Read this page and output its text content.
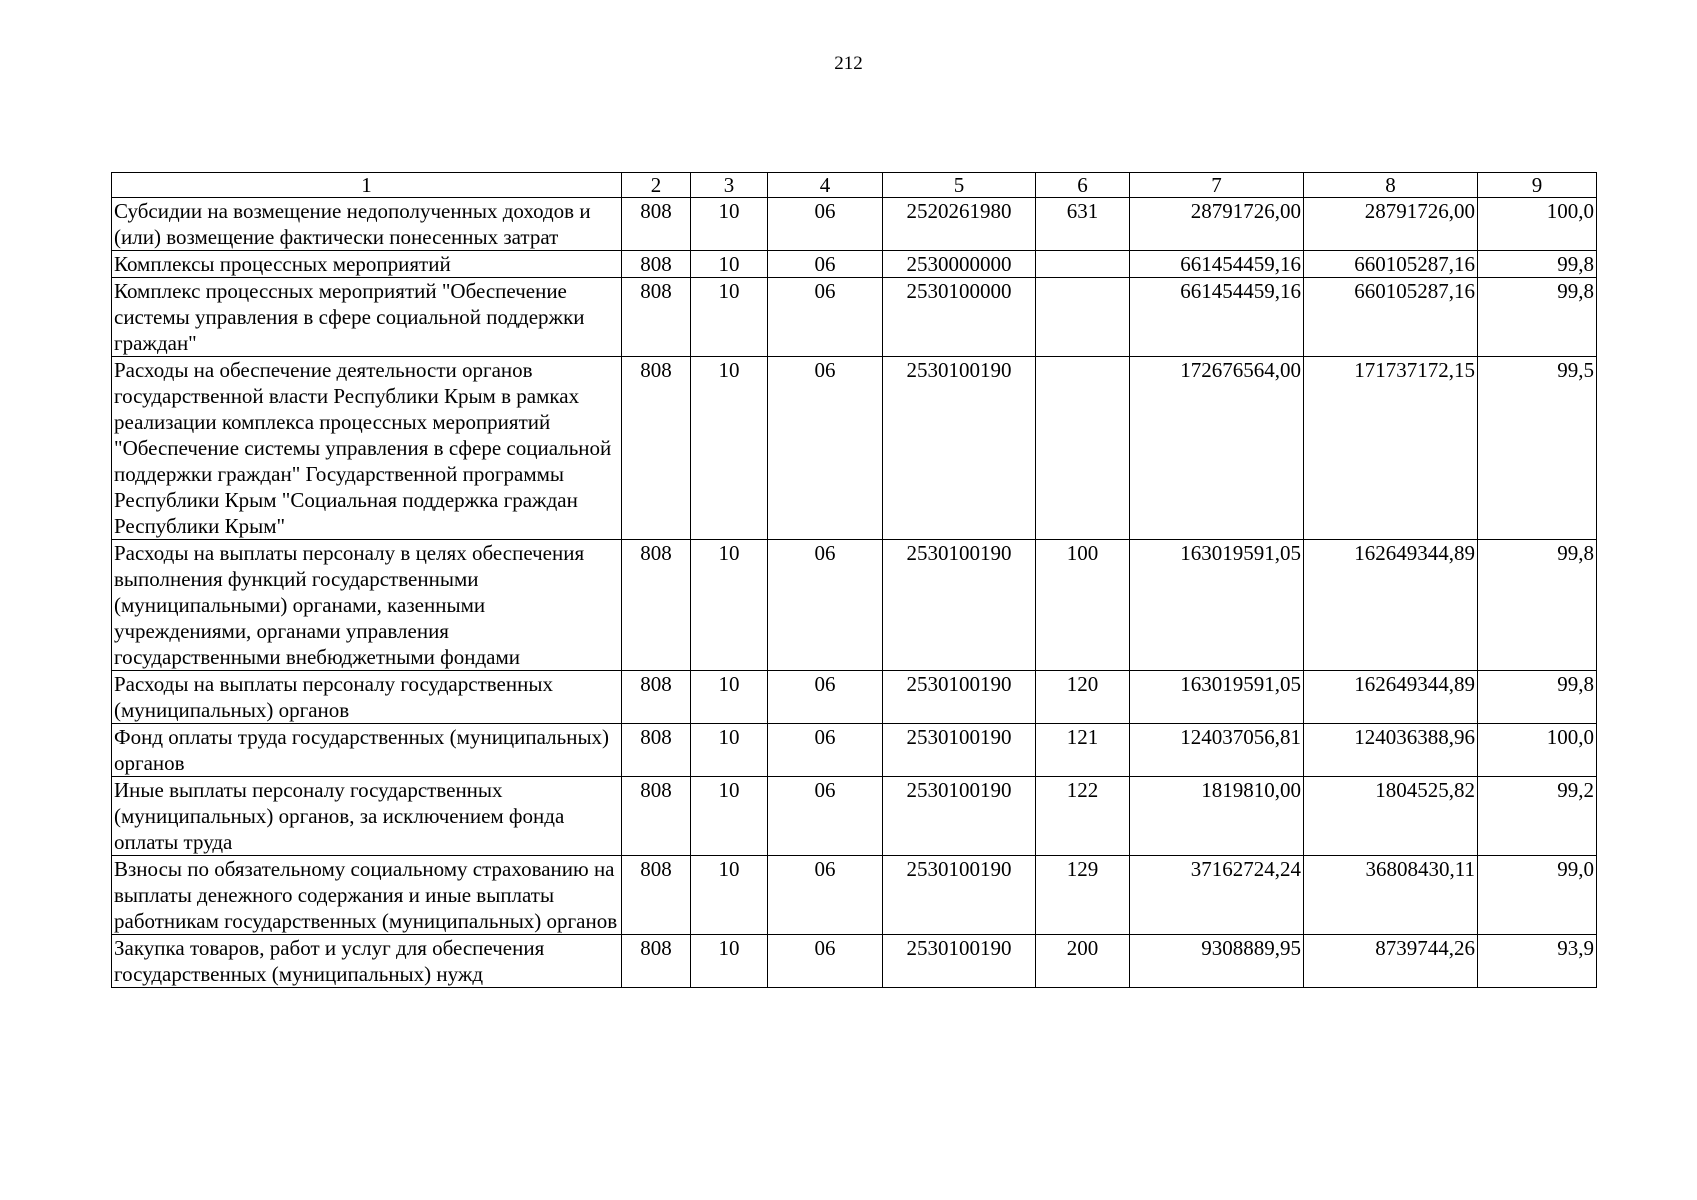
212
1	2	3	4	5	6	7	8	9
Субсидии на возмещение недополученных доходов и (или) возмещение фактически понесенных затрат	808	10	06	2520261980	631	28791726,00	28791726,00	100,0
Комплексы процессных мероприятий	808	10	06	2530000000		661454459,16	660105287,16	99,8
Комплекс процессных мероприятий "Обеспечение системы управления в сфере социальной поддержки граждан"	808	10	06	2530100000		661454459,16	660105287,16	99,8
Расходы на обеспечение деятельности органов государственной власти Республики Крым в рамках реализации комплекса процессных мероприятий "Обеспечение системы управления в сфере социальной поддержки граждан" Государственной программы Республики Крым "Социальная поддержка граждан Республики Крым"	808	10	06	2530100190		172676564,00	171737172,15	99,5
Расходы на выплаты персоналу в целях обеспечения выполнения функций государственными (муниципальными) органами, казенными учреждениями, органами управления государственными внебюджетными фондами	808	10	06	2530100190	100	163019591,05	162649344,89	99,8
Расходы на выплаты персоналу государственных (муниципальных) органов	808	10	06	2530100190	120	163019591,05	162649344,89	99,8
Фонд оплаты труда государственных (муниципальных) органов	808	10	06	2530100190	121	124037056,81	124036388,96	100,0
Иные выплаты персоналу государственных (муниципальных) органов, за исключением фонда оплаты труда	808	10	06	2530100190	122	1819810,00	1804525,82	99,2
Взносы по обязательному социальному страхованию на выплаты денежного содержания и иные выплаты работникам государственных (муниципальных) органов	808	10	06	2530100190	129	37162724,24	36808430,11	99,0
Закупка товаров, работ и услуг для обеспечения государственных (муниципальных) нужд	808	10	06	2530100190	200	9308889,95	8739744,26	93,9
